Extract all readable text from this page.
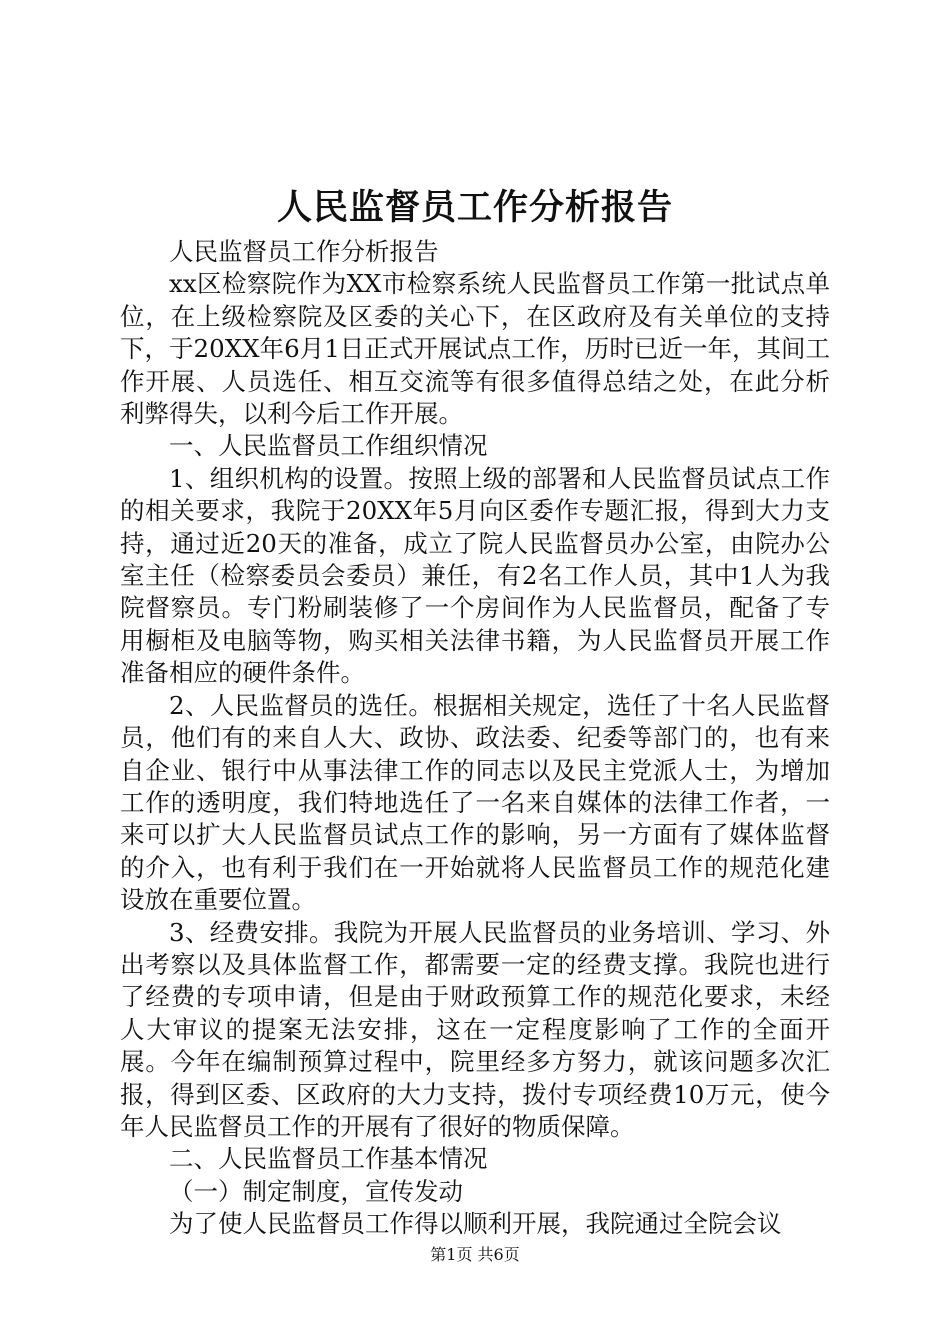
人民监督员工作分析报告

人民监督员工作分析报告

xx区检察院作为XX市检察系统人民监督员工作第一批试点单位，在上级检察院及区委的关心下，在区政府及有关单位的支持下，于20XX年6月1日正式开展试点工作，历时已近一年，其间工作开展、人员选任、相互交流等有很多值得总结之处，在此分析利弊得失，以利今后工作开展。

一、人民监督员工作组织情况

1、组织机构的设置。按照上级的部署和人民监督员试点工作的相关要求，我院于20XX年5月向区委作专题汇报，得到大力支持，通过近20天的准备，成立了院人民监督员办公室，由院办公室主任（检察委员会委员）兼任，有2名工作人员，其中1人为我院督察员。专门粉刷装修了一个房间作为人民监督员，配备了专用橱柜及电脑等物，购买相关法律书籍，为人民监督员开展工作准备相应的硬件条件。

2、人民监督员的选任。根据相关规定，选任了十名人民监督员，他们有的来自人大、政协、政法委、纪委等部门的，也有来自企业、银行中从事法律工作的同志以及民主党派人士，为增加工作的透明度，我们特地选任了一名来自媒体的法律工作者，一来可以扩大人民监督员试点工作的影响，另一方面有了媒体监督的介入，也有利于我们在一开始就将人民监督员工作的规范化建设放在重要位置。

3、经费安排。我院为开展人民监督员的业务培训、学习、外出考察以及具体监督工作，都需要一定的经费支撑。我院也进行了经费的专项申请，但是由于财政预算工作的规范化要求，未经人大审议的提案无法安排，这在一定程度影响了工作的全面开展。今年在编制预算过程中，院里经多方努力，就该问题多次汇报，得到区委、区政府的大力支持，拨付专项经费10万元，使今年人民监督员工作的开展有了很好的物质保障。

二、人民监督员工作基本情况

（一）制定制度，宣传发动

为了使人民监督员工作得以顺利开展，我院通过全院会议

第1页 共6页
